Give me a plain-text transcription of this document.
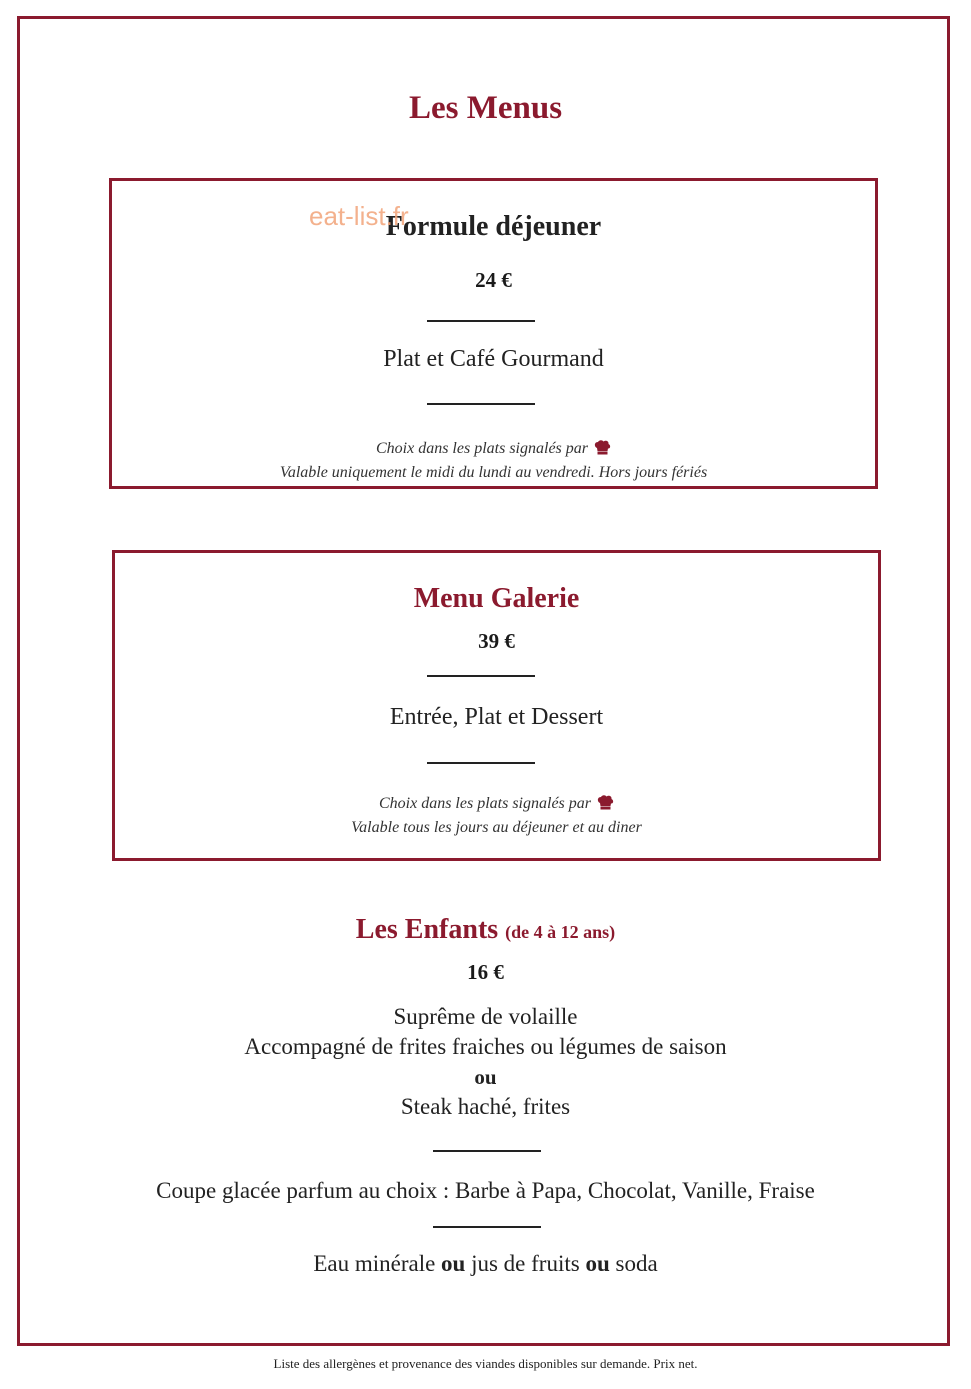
Les Menus
Formule déjeuner
24 €
Plat et Café Gourmand
Choix dans les plats signalés par
Valable uniquement le midi du lundi au vendredi. Hors jours fériés
eat-list.fr
Menu Galerie
39 €
Entrée, Plat et Dessert
Choix dans les plats signalés par
Valable tous les jours au déjeuner et au diner
Les Enfants (de 4 à 12 ans)
16 €
Suprême de volaille
Accompagné de frites fraiches ou légumes de saison
ou
Steak haché, frites
Coupe glacée parfum au choix : Barbe à Papa, Chocolat, Vanille, Fraise
Eau minérale ou jus de fruits ou soda
Liste des allergènes et provenance des viandes disponibles sur demande. Prix net.
